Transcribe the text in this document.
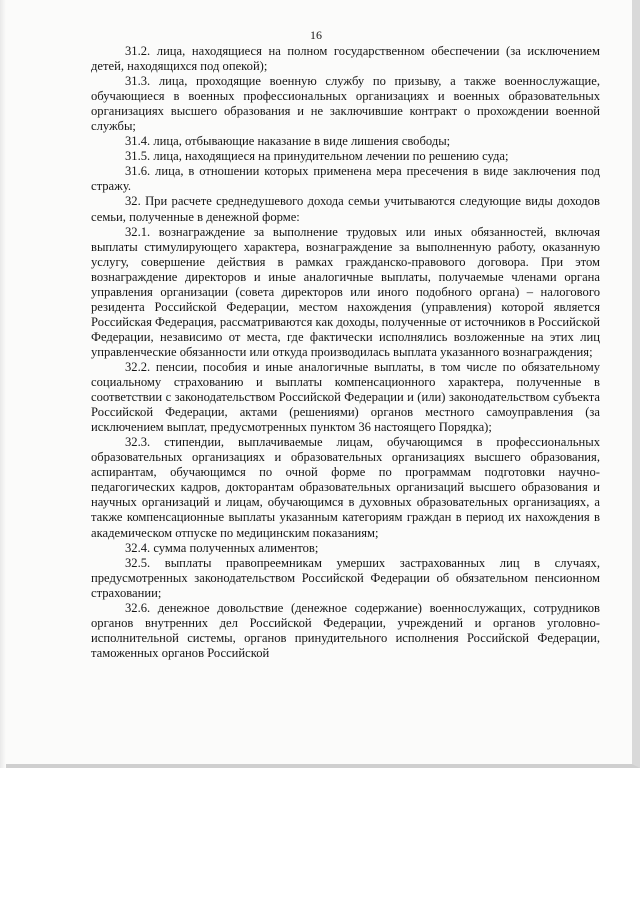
16

31.2. лица, находящиеся на полном государственном обеспечении (за исключением детей, находящихся под опекой);

31.3. лица, проходящие военную службу по призыву, а также военнослужащие, обучающиеся в военных профессиональных организациях и военных образовательных организациях высшего образования и не заключившие контракт о прохождении военной службы;

31.4. лица, отбывающие наказание в виде лишения свободы;

31.5. лица, находящиеся на принудительном лечении по решению суда;

31.6. лица, в отношении которых применена мера пресечения в виде заключения под стражу.

32. При расчете среднедушевого дохода семьи учитываются следующие виды доходов семьи, полученные в денежной форме:

32.1. вознаграждение за выполнение трудовых или иных обязанностей, включая выплаты стимулирующего характера, вознаграждение за выполненную работу, оказанную услугу, совершение действия в рамках гражданско-правового договора. При этом вознаграждение директоров и иные аналогичные выплаты, получаемые членами органа управления организации (совета директоров или иного подобного органа) – налогового резидента Российской Федерации, местом нахождения (управления) которой является Российская Федерация, рассматриваются как доходы, полученные от источников в Российской Федерации, независимо от места, где фактически исполнялись возложенные на этих лиц управленческие обязанности или откуда производилась выплата указанного вознаграждения;

32.2. пенсии, пособия и иные аналогичные выплаты, в том числе по обязательному социальному страхованию и выплаты компенсационного характера, полученные в соответствии с законодательством Российской Федерации и (или) законодательством субъекта Российской Федерации, актами (решениями) органов местного самоуправления (за исключением выплат, предусмотренных пунктом 36 настоящего Порядка);

32.3. стипендии, выплачиваемые лицам, обучающимся в профессиональных образовательных организациях и образовательных организациях высшего образования, аспирантам, обучающимся по очной форме по программам подготовки научно-педагогических кадров, докторантам образовательных организаций высшего образования и научных организаций и лицам, обучающимся в духовных образовательных организациях, а также компенсационные выплаты указанным категориям граждан в период их нахождения в академическом отпуске по медицинским показаниям;

32.4. сумма полученных алиментов;

32.5. выплаты правопреемникам умерших застрахованных лиц в случаях, предусмотренных законодательством Российской Федерации об обязательном пенсионном страховании;

32.6. денежное довольствие (денежное содержание) военнослужащих, сотрудников органов внутренних дел Российской Федерации, учреждений и органов уголовно-исполнительной системы, органов принудительного исполнения Российской Федерации, таможенных органов Российской
